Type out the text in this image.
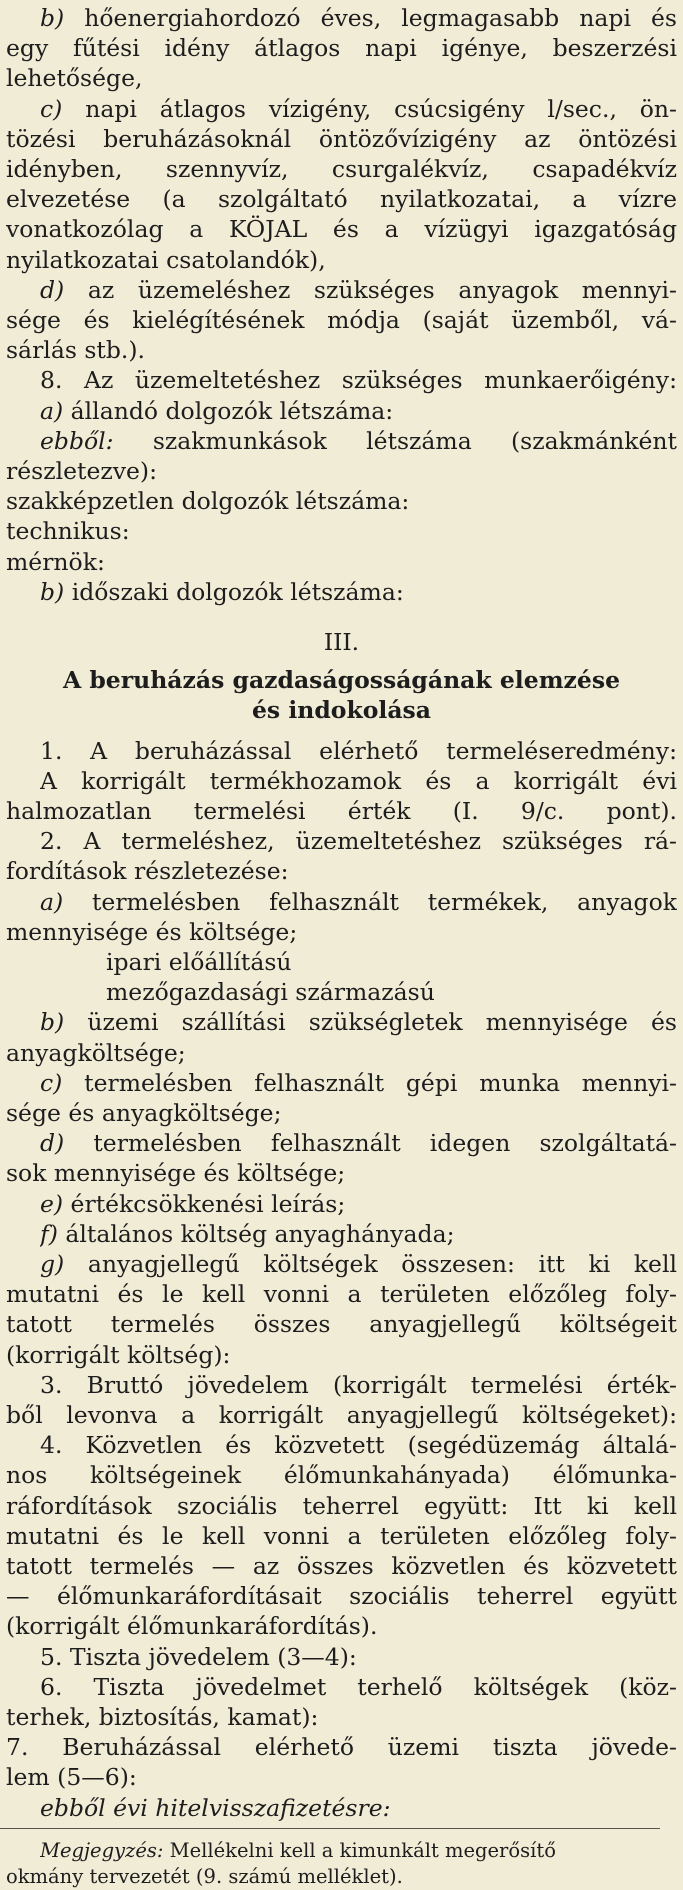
b) hőenergiahordozó éves, legmagasabb napi és
egy fűtési idény átlagos napi igénye, beszerzési
lehetősége,
c) napi átlagos vízigény, csúcsigény l/sec., ön-
tözési beruházásoknál öntözővízigény az öntözési
idényben, szennyvíz, csurgalékvíz, csapadékvíz
elvezetése (a szolgáltató nyilatkozatai, a vízre
vonatkozólag a KÖJAL és a vízügyi igazgatóság
nyilatkozatai csatolandók),
d) az üzemeléshez szükséges anyagok mennyi-
sége és kielégítésének módja (saját üzemből, vá-
sárlás stb.).
8. Az üzemeltetéshez szükséges munkaerőigény:
a) állandó dolgozók létszáma:
ebből: szakmunkások létszáma (szakmánként
részletezve):
szakképzetlen dolgozók létszáma:
technikus:
mérnök:
b) időszaki dolgozók létszáma:
III.
A beruházás gazdaságosságának elemzése
és indokolása
1. A beruházással elérhető termeléseredmény:
A korrigált termékhozamok és a korrigált évi
halmozatlan termelési érték (I. 9/c. pont).
2. A termeléshez, üzemeltetéshez szükséges rá-
fordítások részletezése:
a) termelésben felhasznált termékek, anyagok
mennyisége és költsége;
ipari előállítású
mezőgazdasági származású
b) üzemi szállítási szükségletek mennyisége és
anyagköltsége;
c) termelésben felhasznált gépi munka mennyi-
sége és anyagköltsége;
d) termelésben felhasznált idegen szolgáltatá-
sok mennyisége és költsége;
e) értékcsökkenési leírás;
f) általános költség anyaghányada;
g) anyagjellegű költségek összesen: itt ki kell
mutatni és le kell vonni a területen előzőleg foly-
tatott termelés összes anyagjellegű költségeit
(korrigált költség):
3. Bruttó jövedelem (korrigált termelési érték-
ből levonva a korrigált anyagjellegű költségeket):
4. Közvetlen és közvetett (segédüzemág általá-
nos költségeinek élőmunkahányada) élőmunka-
ráfordítások szociális teherrel együtt: Itt ki kell
mutatni és le kell vonni a területen előzőleg foly-
tatott termelés — az összes közvetlen és közvetett
— élőmunkaráfordításait szociális teherrel együtt
(korrigált élőmunkaráfordítás).
5. Tiszta jövedelem (3—4):
6. Tiszta jövedelmet terhelő költségek (köz-
terhek, biztosítás, kamat):
7. Beruházással elérhető üzemi tiszta jövede-
lem (5—6):
ebből évi hitelvisszafizetésre:
Megjegyzés: Mellékelni kell a kimunkált megerősítő
okmány tervezetét (9. számú melléklet).
